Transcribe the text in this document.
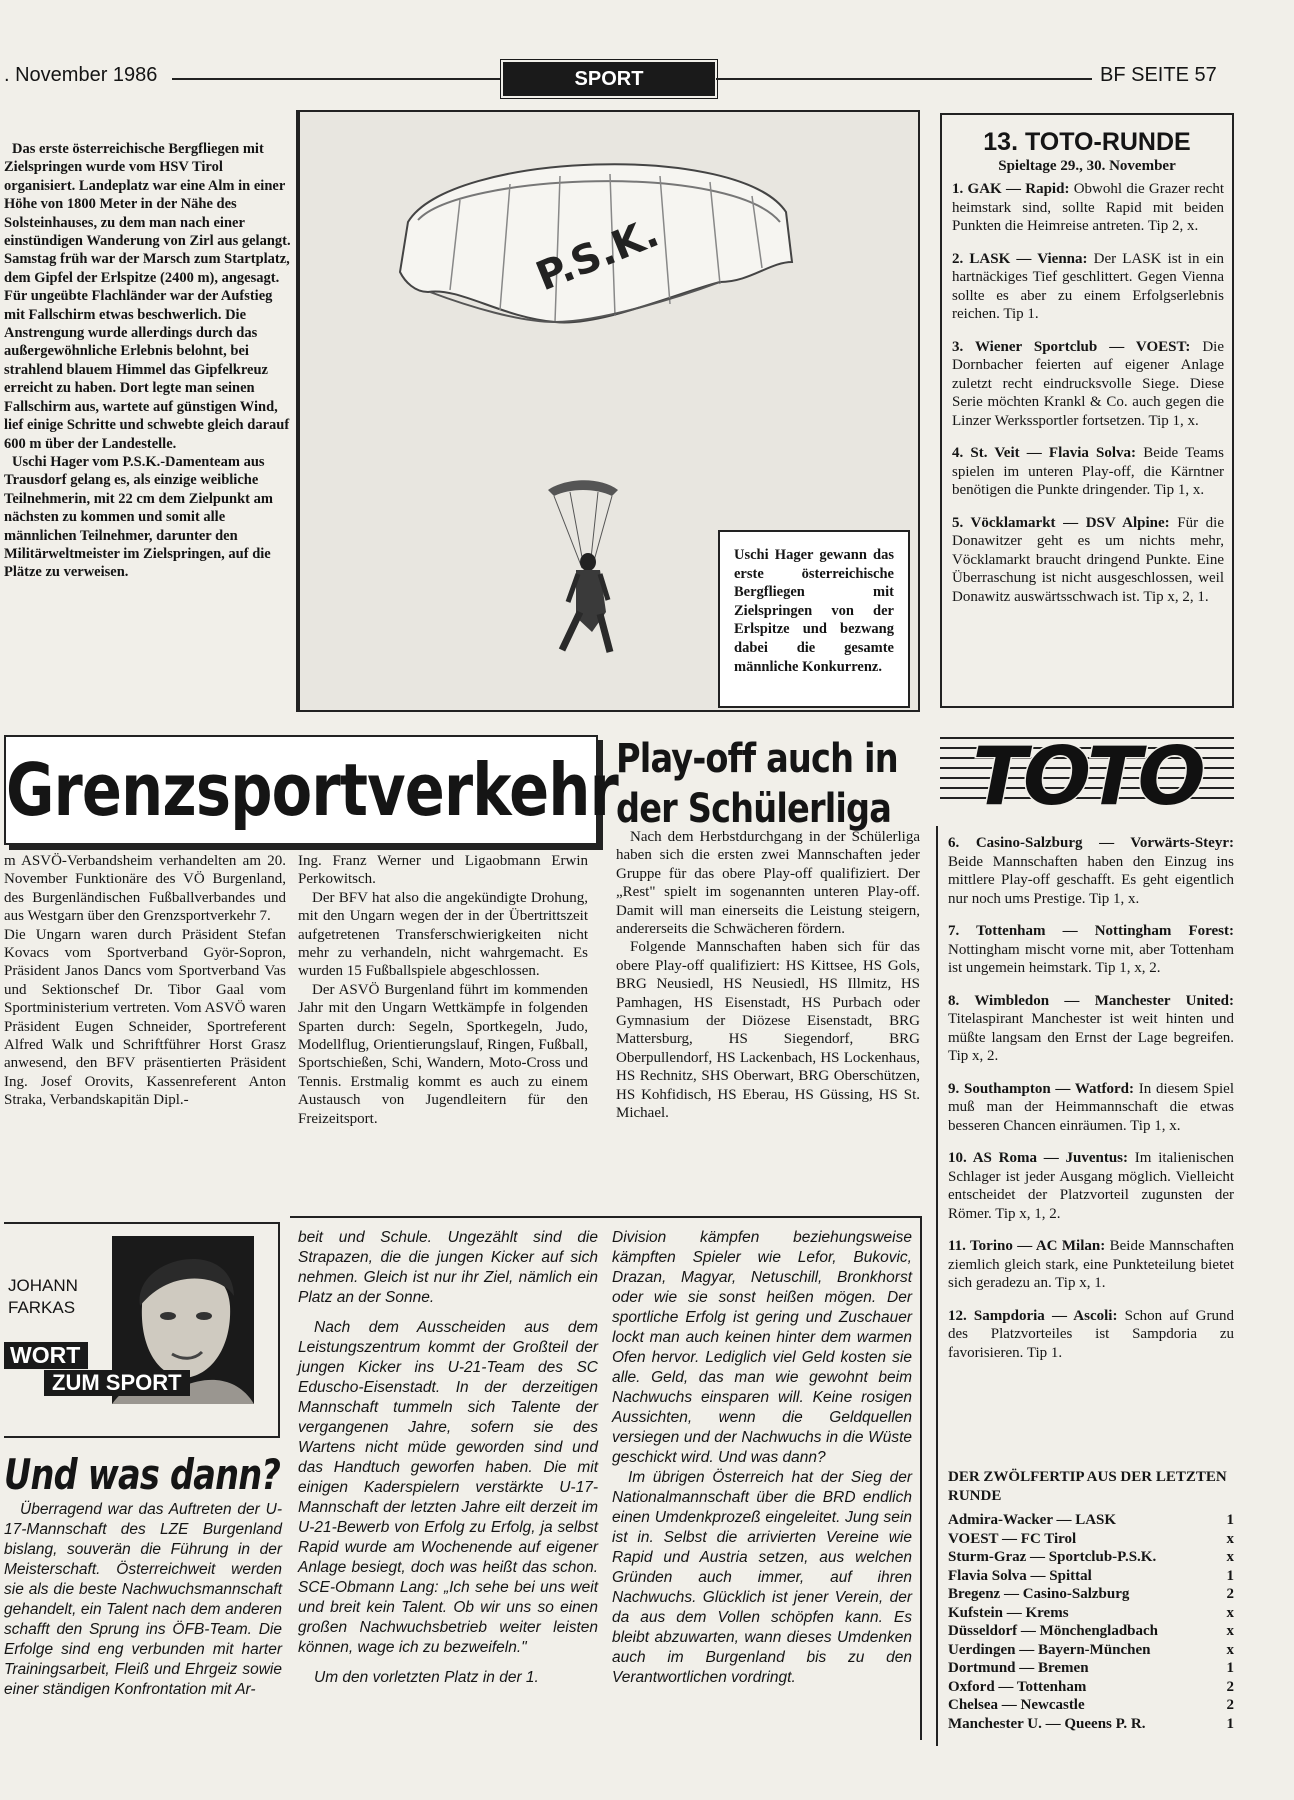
. November 1986	SPORT	BF SEITE 57

Das erste österreichische Bergfliegen mit Zielspringen wurde vom HSV Tirol organisiert. Landeplatz war eine Alm in einer Höhe von 1800 Meter in der Nähe des Solsteinhauses, zu dem man nach einer einstündigen Wanderung von Zirl aus gelangt. Samstag früh war der Marsch zum Startplatz, dem Gipfel der Erlspitze (2400 m), angesagt. Für ungeübte Flachländer war der Aufstieg mit Fallschirm etwas beschwerlich. Die Anstrengung wurde allerdings durch das außergewöhnliche Erlebnis belohnt, bei strahlend blauem Himmel das Gipfelkreuz erreicht zu haben. Dort legte man seinen Fallschirm aus, wartete auf günstigen Wind, lief einige Schritte und schwebte gleich darauf 600 m über der Landestelle.

Uschi Hager vom P.S.K.-Damenteam aus Trausdorf gelang es, als einzige weibliche Teilnehmerin, mit 22 cm dem Zielpunkt am nächsten zu kommen und somit alle männlichen Teilnehmer, darunter den Militärweltmeister im Zielspringen, auf die Plätze zu verweisen.

P.S.K.
Uschi Hager gewann das erste österreichische Bergfliegen mit Zielspringen von der Erlspitze und bezwang dabei die gesamte männliche Konkurrenz.
13. TOTO-RUNDE
Spieltage 29., 30. November
1. GAK — Rapid: Obwohl die Grazer recht heimstark sind, sollte Rapid mit beiden Punkten die Heimreise antreten. Tip 2, x.
2. LASK — Vienna: Der LASK ist in ein hartnäckiges Tief geschlittert. Gegen Vienna sollte es aber zu einem Erfolgserlebnis reichen. Tip 1.
3. Wiener Sportclub — VOEST: Die Dornbacher feierten auf eigener Anlage zuletzt recht eindrucksvolle Siege. Diese Serie möchten Krankl & Co. auch gegen die Linzer Werkssportler fortsetzen. Tip 1, x.
4. St. Veit — Flavia Solva: Beide Teams spielen im unteren Play-off, die Kärntner benötigen die Punkte dringender. Tip 1, x.
5. Vöcklamarkt — DSV Alpine: Für die Donawitzer geht es um nichts mehr, Vöcklamarkt braucht dringend Punkte. Eine Überraschung ist nicht ausgeschlossen, weil Donawitz auswärtsschwach ist. Tip x, 2, 1.
TOTO
Grenzsportverkehr
Play-off auch in der Schülerliga

m ASVÖ-Verbandsheim verhandelten am 20. November Funktionäre des VÖ Burgenland, des Burgenländischen Fußballverbandes und aus Westgarn über den Grenzsportverkehr 7.

Die Ungarn waren durch Präsident Stefan Kovacs vom Sportverband Györ-Sopron, Präsident Janos Dancs vom Sportverband Vas und Sektionschef Dr. Tibor Gaal vom Sportministerium vertreten. Vom ASVÖ waren Präsident Eugen Schneider, Sportreferent Alfred Walk und Schriftführer Horst Grasz anwesend, den BFV präsentierten Präsident Ing. Josef Orovits, Kassenreferent Anton Straka, Verbandskapitän Dipl.-

Ing. Franz Werner und Ligaobmann Erwin Perkowitsch.

Der BFV hat also die angekündigte Drohung, mit den Ungarn wegen der in der Übertrittszeit aufgetretenen Transferschwierigkeiten nicht mehr zu verhandeln, nicht wahrgemacht. Es wurden 15 Fußballspiele abgeschlossen.

Der ASVÖ Burgenland führt im kommenden Jahr mit den Ungarn Wettkämpfe in folgenden Sparten durch: Segeln, Sportkegeln, Judo, Modellflug, Orientierungslauf, Ringen, Fußball, Sportschießen, Schi, Wandern, Moto-Cross und Tennis. Erstmalig kommt es auch zu einem Austausch von Jugendleitern für den Freizeitsport.

Nach dem Herbstdurchgang in der Schülerliga haben sich die ersten zwei Mannschaften jeder Gruppe für das obere Play-off qualifiziert. Der „Rest" spielt im sogenannten unteren Play-off. Damit will man einerseits die Leistung steigern, andererseits die Schwächeren fördern.

Folgende Mannschaften haben sich für das obere Play-off qualifiziert: HS Kittsee, HS Gols, BRG Neusiedl, HS Neusiedl, HS Illmitz, HS Pamhagen, HS Eisenstadt, HS Purbach oder Gymnasium der Diözese Eisenstadt, BRG Mattersburg, HS Siegendorf, BRG Oberpullendorf, HS Lackenbach, HS Lockenhaus, HS Rechnitz, SHS Oberwart, BRG Oberschützen, HS Kohfidisch, HS Eberau, HS Güssing, HS St. Michael.

6. Casino-Salzburg — Vorwärts-Steyr: Beide Mannschaften haben den Einzug ins mittlere Play-off geschafft. Es geht eigentlich nur noch ums Prestige. Tip 1, x.
7. Tottenham — Nottingham Forest: Nottingham mischt vorne mit, aber Tottenham ist ungemein heimstark. Tip 1, x, 2.
8. Wimbledon — Manchester United: Titelaspirant Manchester ist weit hinten und müßte langsam den Ernst der Lage begreifen. Tip x, 2.
9. Southampton — Watford: In diesem Spiel muß man der Heimmannschaft die etwas besseren Chancen einräumen. Tip 1, x.
10. AS Roma — Juventus: Im italienischen Schlager ist jeder Ausgang möglich. Vielleicht entscheidet der Platzvorteil zugunsten der Römer. Tip x, 1, 2.
11. Torino — AC Milan: Beide Mannschaften ziemlich gleich stark, eine Punkteteilung bietet sich geradezu an. Tip x, 1.
12. Sampdoria — Ascoli: Schon auf Grund des Platzvorteiles ist Sampdoria zu favorisieren. Tip 1.
DER ZWÖLFERTIP AUS DER LETZTEN RUNDE
Admira-Wacker — LASK	1
VOEST — FC Tirol	x
Sturm-Graz — Sportclub-P.S.K.	x
Flavia Solva — Spittal	1
Bregenz — Casino-Salzburg	2
Kufstein — Krems	x
Düsseldorf — Mönchengladbach	x
Uerdingen — Bayern-München	x
Dortmund — Bremen	1
Oxford — Tottenham	2
Chelsea — Newcastle	2
Manchester U. — Queens P. R.	1
JOHANN
FARKAS
WORT
ZUM SPORT
Und was dann?

Überragend war das Auftreten der U-17-Mannschaft des LZE Burgenland bislang, souverän die Führung in der Meisterschaft. Österreichweit werden sie als die beste Nachwuchsmannschaft gehandelt, ein Talent nach dem anderen schafft den Sprung ins ÖFB-Team. Die Erfolge sind eng verbunden mit harter Trainingsarbeit, Fleiß und Ehrgeiz sowie einer ständigen Konfrontation mit Ar-

beit und Schule. Ungezählt sind die Strapazen, die die jungen Kicker auf sich nehmen. Gleich ist nur ihr Ziel, nämlich ein Platz an der Sonne.

Nach dem Ausscheiden aus dem Leistungszentrum kommt der Großteil der jungen Kicker ins U-21-Team des SC Eduscho-Eisenstadt. In der derzeitigen Mannschaft tummeln sich Talente der vergangenen Jahre, sofern sie des Wartens nicht müde geworden sind und das Handtuch geworfen haben. Die mit einigen Kaderspielern verstärkte U-17-Mannschaft der letzten Jahre eilt derzeit im U-21-Bewerb von Erfolg zu Erfolg, ja selbst Rapid wurde am Wochenende auf eigener Anlage besiegt, doch was heißt das schon. SCE-Obmann Lang: „Ich sehe bei uns weit und breit kein Talent. Ob wir uns so einen großen Nachwuchsbetrieb weiter leisten können, wage ich zu bezweifeln."

Um den vorletzten Platz in der 1.

Division kämpfen beziehungsweise kämpften Spieler wie Lefor, Bukovic, Drazan, Magyar, Netuschill, Bronkhorst oder wie sie sonst heißen mögen. Der sportliche Erfolg ist gering und Zuschauer lockt man auch keinen hinter dem warmen Ofen hervor. Lediglich viel Geld kosten sie alle. Geld, das man wie gewohnt beim Nachwuchs einsparen will. Keine rosigen Aussichten, wenn die Geldquellen versiegen und der Nachwuchs in die Wüste geschickt wird. Und was dann?

Im übrigen Österreich hat der Sieg der Nationalmannschaft über die BRD endlich einen Umdenkprozeß eingeleitet. Jung sein ist in. Selbst die arrivierten Vereine wie Rapid und Austria setzen, aus welchen Gründen auch immer, auf ihren Nachwuchs. Glücklich ist jener Verein, der da aus dem Vollen schöpfen kann. Es bleibt abzuwarten, wann dieses Umdenken auch im Burgenland bis zu den Verantwortlichen vordringt.
